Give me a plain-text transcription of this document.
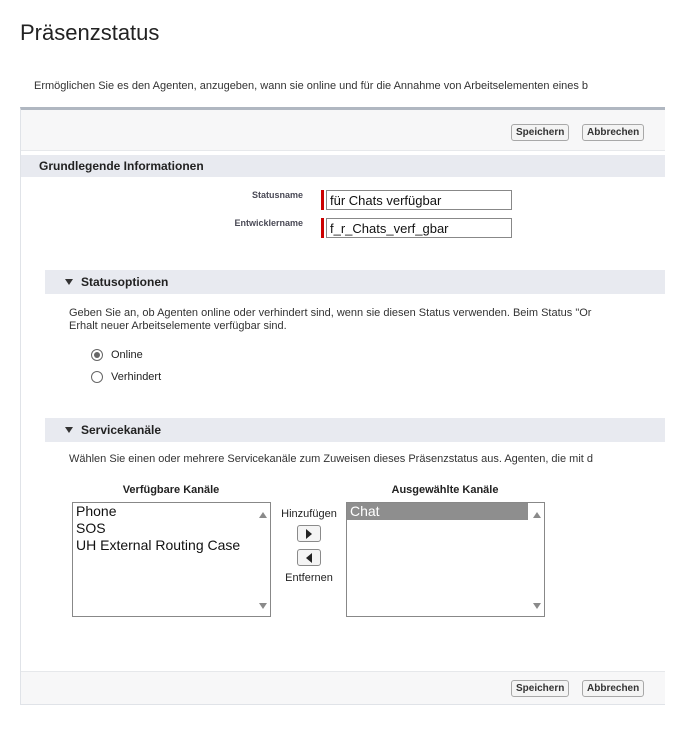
Präsenzstatus
Ermöglichen Sie es den Agenten, anzugeben, wann sie online und für die Annahme von Arbeitselementen eines b
Speichern	Abbrechen
Grundlegende Informationen
Statusname
für Chats verfügbar
Entwicklername
f_r_Chats_verf_gbar
Statusoptionen
Geben Sie an, ob Agenten online oder verhindert sind, wenn sie diesen Status verwenden. Beim Status "Or
Erhalt neuer Arbeitselemente verfügbar sind.
Online
Verhindert
Servicekanäle
Wählen Sie einen oder mehrere Servicekanäle zum Zuweisen dieses Präsenzstatus aus. Agenten, die mit d
Verfügbare Kanäle	Ausgewählte Kanäle
Phone
SOS
UH External Routing Case
Hinzufügen
Entfernen
Chat
Speichern	Abbrechen
